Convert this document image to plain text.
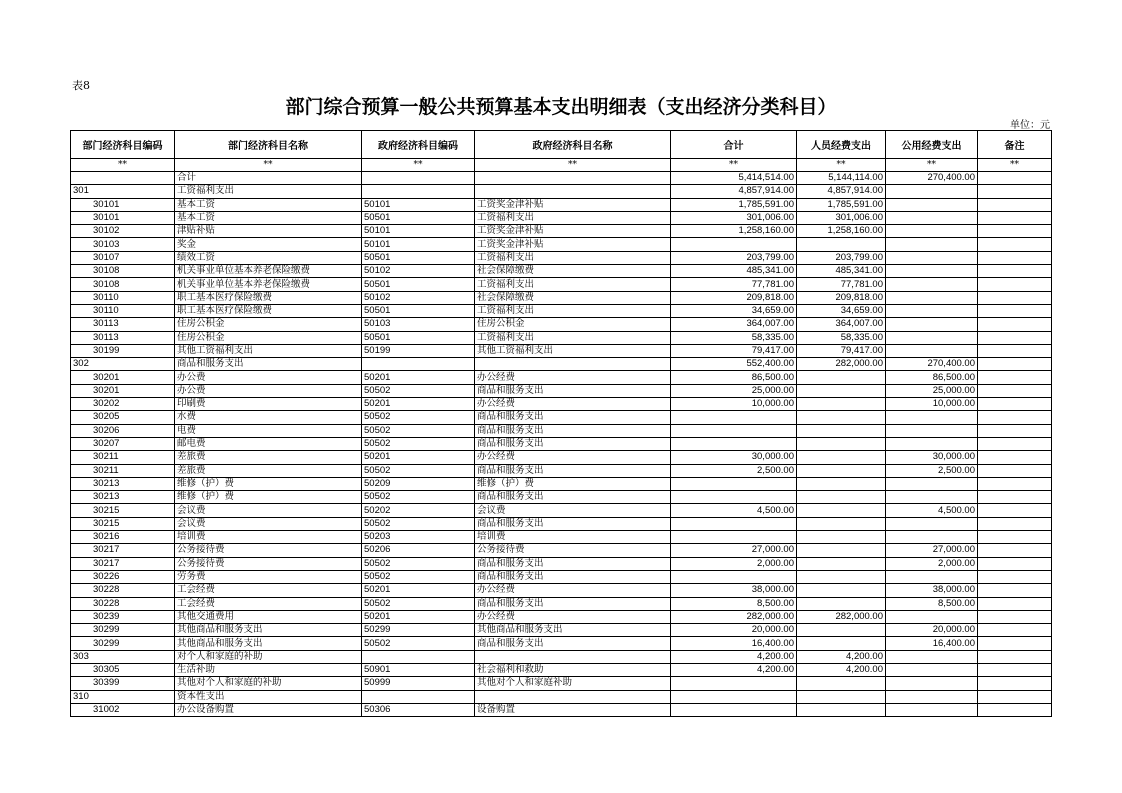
表8
部门综合预算一般公共预算基本支出明细表（支出经济分类科目）
单位：元
部门经济科目编码	部门经济科目名称	政府经济科目编码	政府经济科目名称	合计	人员经费支出	公用经费支出	备注
**	**	**	**	**	**	**	**
	合计			5,414,514.00	5,144,114.00	270,400.00	
301	工资福利支出			4,857,914.00	4,857,914.00		
30101	基本工资	50101	工资奖金津补贴	1,785,591.00	1,785,591.00		
30101	基本工资	50501	工资福利支出	301,006.00	301,006.00		
30102	津贴补贴	50101	工资奖金津补贴	1,258,160.00	1,258,160.00		
30103	奖金	50101	工资奖金津补贴				
30107	绩效工资	50501	工资福利支出	203,799.00	203,799.00		
30108	机关事业单位基本养老保险缴费	50102	社会保障缴费	485,341.00	485,341.00		
30108	机关事业单位基本养老保险缴费	50501	工资福利支出	77,781.00	77,781.00		
30110	职工基本医疗保险缴费	50102	社会保障缴费	209,818.00	209,818.00		
30110	职工基本医疗保险缴费	50501	工资福利支出	34,659.00	34,659.00		
30113	住房公积金	50103	住房公积金	364,007.00	364,007.00		
30113	住房公积金	50501	工资福利支出	58,335.00	58,335.00		
30199	其他工资福利支出	50199	其他工资福利支出	79,417.00	79,417.00		
302	商品和服务支出			552,400.00	282,000.00	270,400.00	
30201	办公费	50201	办公经费	86,500.00		86,500.00	
30201	办公费	50502	商品和服务支出	25,000.00		25,000.00	
30202	印刷费	50201	办公经费	10,000.00		10,000.00	
30205	水费	50502	商品和服务支出				
30206	电费	50502	商品和服务支出				
30207	邮电费	50502	商品和服务支出				
30211	差旅费	50201	办公经费	30,000.00		30,000.00	
30211	差旅费	50502	商品和服务支出	2,500.00		2,500.00	
30213	维修（护）费	50209	维修（护）费				
30213	维修（护）费	50502	商品和服务支出				
30215	会议费	50202	会议费	4,500.00		4,500.00	
30215	会议费	50502	商品和服务支出				
30216	培训费	50203	培训费				
30217	公务接待费	50206	公务接待费	27,000.00		27,000.00	
30217	公务接待费	50502	商品和服务支出	2,000.00		2,000.00	
30226	劳务费	50502	商品和服务支出				
30228	工会经费	50201	办公经费	38,000.00		38,000.00	
30228	工会经费	50502	商品和服务支出	8,500.00		8,500.00	
30239	其他交通费用	50201	办公经费	282,000.00	282,000.00		
30299	其他商品和服务支出	50299	其他商品和服务支出	20,000.00		20,000.00	
30299	其他商品和服务支出	50502	商品和服务支出	16,400.00		16,400.00	
303	对个人和家庭的补助			4,200.00	4,200.00		
30305	生活补助	50901	社会福利和救助	4,200.00	4,200.00		
30399	其他对个人和家庭的补助	50999	其他对个人和家庭补助				
310	资本性支出						
31002	办公设备购置	50306	设备购置				
